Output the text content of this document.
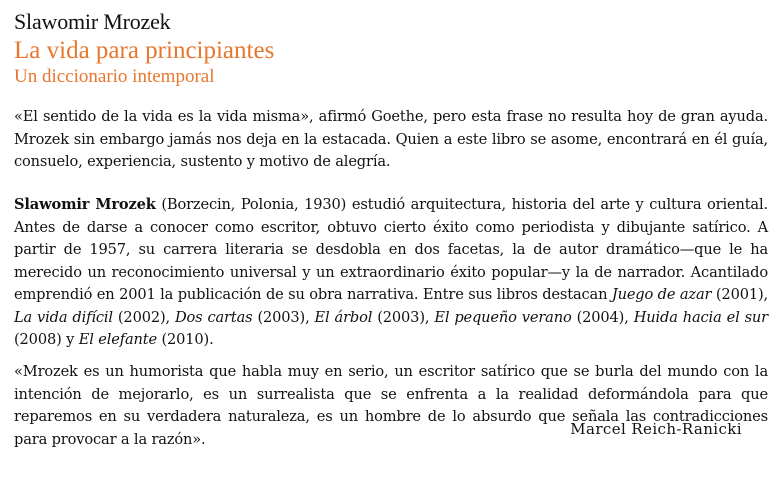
Slawomir Mrozek
La vida para principiantes
Un diccionario intemporal
«El sentido de la vida es la vida misma», afirmó Goethe, pero esta frase no resulta hoy de gran ayuda. Mrozek sin embargo jamás nos deja en la estacada. Quien a este libro se asome, encontrará en él guía, consuelo, experiencia, sustento y motivo de alegría.
Slawomir Mrozek (Borzecin, Polonia, 1930) estudió arquitectura, historia del arte y cultura oriental. Antes de darse a conocer como escritor, obtuvo cierto éxito como periodista y dibujante satírico. A partir de 1957, su carrera literaria se desdobla en dos facetas, la de autor dramático—que le ha merecido un reconocimiento universal y un extraordinario éxito popular—y la de narrador. Acantilado emprendió en 2001 la publicación de su obra narrativa. Entre sus libros destacan Juego de azar (2001), La vida difícil (2002), Dos cartas (2003), El árbol (2003), El pequeño verano (2004), Huida hacia el sur (2008) y El elefante (2010).
«Mrozek es un humorista que habla muy en serio, un escritor satírico que se burla del mundo con la intención de mejorarlo, es un surrealista que se enfrenta a la realidad deformándola para que reparemos en su verdadera naturaleza, es un hombre de lo absurdo que señala las contradicciones para provocar a la razón».
Marcel Reich-Ranicki
